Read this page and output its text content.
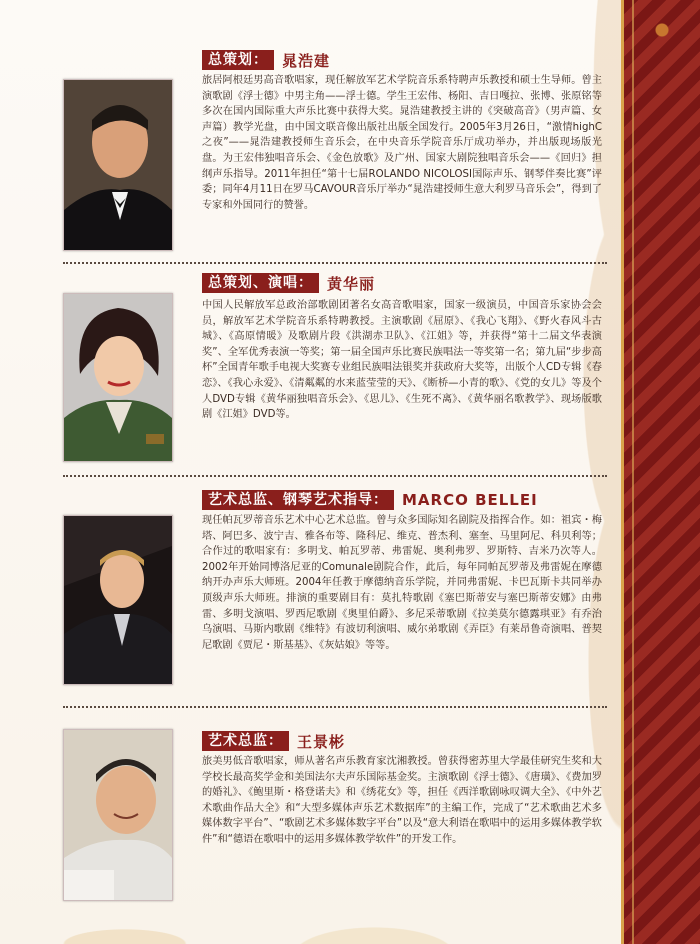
总策划： 晁浩建
旅居阿根廷男高音歌唱家，现任解放军艺术学院音乐系特聘声乐教授和硕士生导师。曾主演歌剧《浮士德》中男主角——浮士德。学生王宏伟、杨阳、吉日嘎拉、张博、张原铭等多次在国内国际重大声乐比赛中获得大奖。晁浩建教授主讲的《突破高音》（男声篇、女声篇）教学光盘，由中国文联音像出版社出版全国发行。2005年3月26日，“激情highC之夜”——晁浩建教授师生音乐会，在中央音乐学院音乐厅成功举办，并出版现场版光盘。为王宏伟独唱音乐会、《金色放歌》及广州、国家大剧院独唱音乐会——《回归》担纲声乐指导。2011年担任“第十七届ROLANDO NICOLOSI国际声乐、钢琴伴奏比赛”评委；同年4月11日在罗马CAVOUR音乐厅举办“晁浩建授师生意大利罗马音乐会”，得到了专家和外国同行的赞誉。
总策划、演唱： 黄华丽
中国人民解放军总政治部歌剧团著名女高音歌唱家，国家一级演员，中国音乐家协会会员，解放军艺术学院音乐系特聘教授。主演歌剧《屈原》、《我心飞翔》、《野火春风斗古城》、《高原情暖》及歌剧片段《洪湖赤卫队》、《江姐》等，并获得“第十二届文华表演奖”、全军优秀表演一等奖；第一届全国声乐比赛民族唱法一等奖第一名；第九届“步步高杯”全国青年歌手电视大奖赛专业组民族唱法银奖并获政府大奖等，出版个人CD专辑《春恋》、《我心永爱》、《清粼粼的水来蓝莹莹的天》、《断桥—小青的歌》、《党的女儿》等及个人DVD专辑《黄华丽独唱音乐会》、《思儿》、《生死不离》、《黄华丽名歌教学》、现场版歌剧《江姐》DVD等。
艺术总监、钢琴艺术指导： MARCO BELLEI
现任帕瓦罗蒂音乐艺术中心艺术总监。曾与众多国际知名剧院及指挥合作。如：祖宾・梅塔、阿巴多、波宁吉、雅各布等、隆科尼、维克、普杰利、塞奎、马里阿尼、科贝利等；合作过的歌唱家有：多明戈、帕瓦罗蒂、弗雷妮、奥利弗罗、罗斯特、吉米乃次等人。2002年开始同博洛尼亚的Comunale剧院合作，此后，每年同帕瓦罗蒂及弗雷妮在摩德纳开办声乐大师班。2004年任教于摩德纳音乐学院，并同弗雷妮、卡巴瓦斯卡共同举办顶级声乐大师班。排演的重要剧目有：莫扎特歌剧《塞巴斯蒂安与塞巴斯蒂安娜》由弗雷、多明戈演唱、罗西尼歌剧《奥里伯爵》、多尼采蒂歌剧《拉美莫尔德露琪亚》有乔治乌演唱、马斯内歌剧《维特》有波切利演唱、威尔弟歌剧《弄臣》有莱昂鲁奇演唱、普契尼歌剧《贾尼・斯基基》、《灰姑娘》等等。
艺术总监： 王景彬
旅美男低音歌唱家，师从著名声乐教育家沈湘教授。曾获得密苏里大学最佳研究生奖和大学校长最高奖学金和美国法尔夫声乐国际基金奖。主演歌剧《浮士德》、《唐璜》、《费加罗的婚礼》、《鲍里斯・格登诺夫》和《绣花女》等，担任《西洋歌剧咏叹调大全》、《中外艺术歌曲作品大全》和“大型多媒体声乐艺术数据库”的主编工作，完成了“艺术歌曲艺术多媒体数字平台”、“歌剧艺术多媒体数字平台”以及“意大利语在歌唱中的运用多媒体教学软件”和“德语在歌唱中的运用多媒体教学软件”的开发工作。
